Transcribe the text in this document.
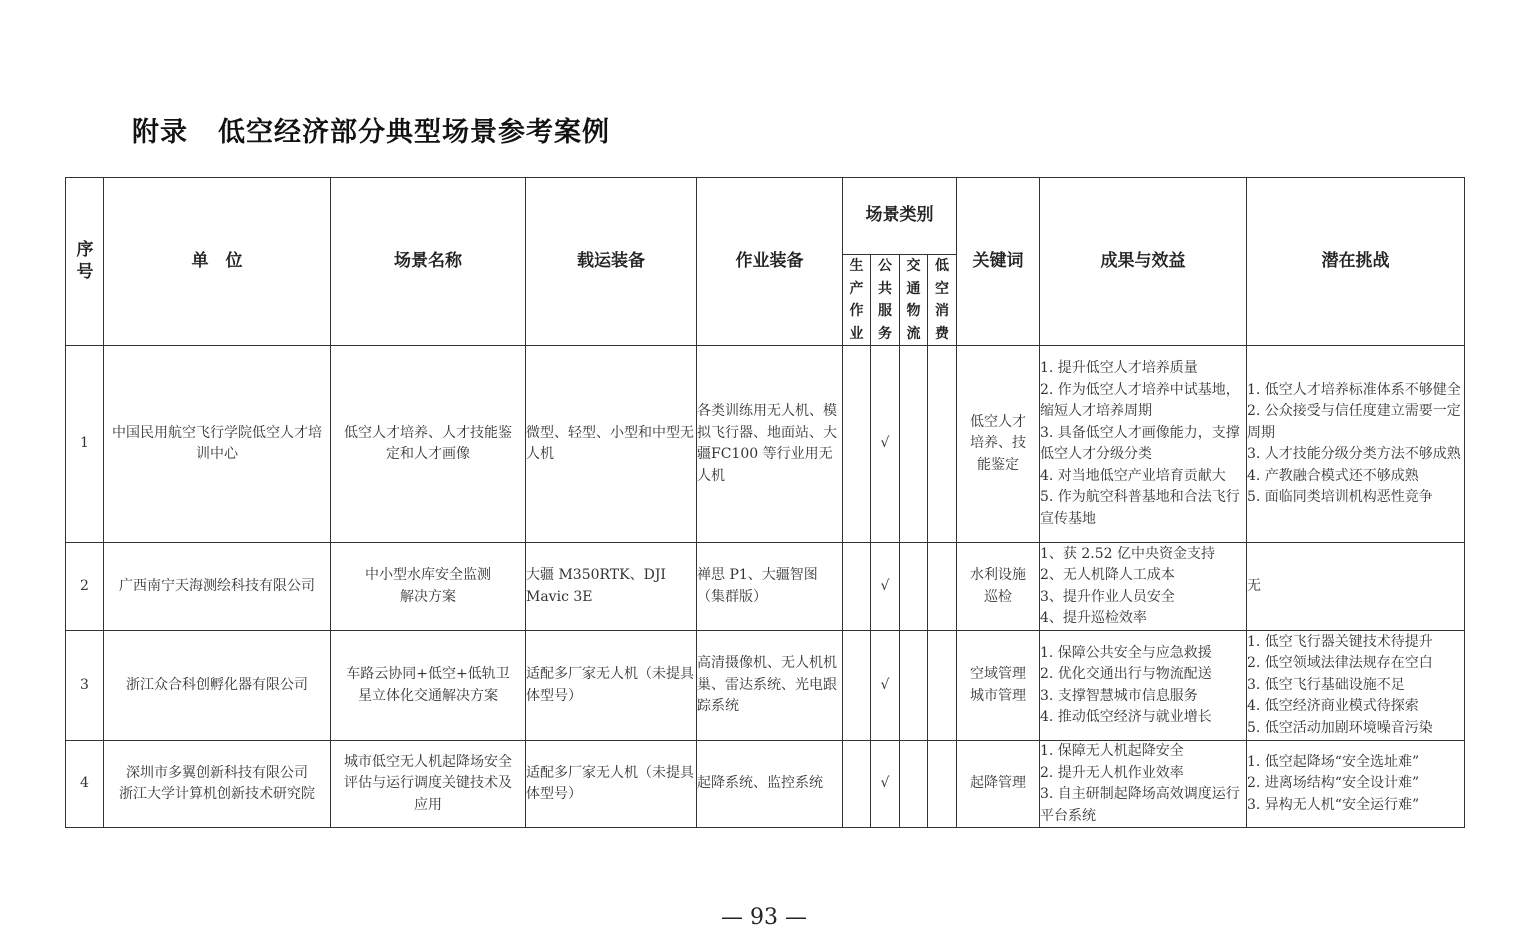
附录 低空经济部分典型场景参考案例
序号	单　位	场景名称	载运装备	作业装备	场景类别				关键词	成果与效益	潜在挑战
					生产作业	公共服务	交通物流	低空消费			
1	中国民用航空飞行学院低空人才培训中心	低空人才培养、人才技能鉴定和人才画像	微型、轻型、小型和中型无人机	各类训练用无人机、模拟飞行器、地面站、大疆FC100 等行业用无人机		√			低空人才培养、技能鉴定	1. 提升低空人才培养质量
2. 作为低空人才培养中试基地，缩短人才培养周期
3. 具备低空人才画像能力，支撑低空人才分级分类
4. 对当地低空产业培育贡献大
5. 作为航空科普基地和合法飞行宣传基地	1. 低空人才培养标准体系不够健全
2. 公众接受与信任度建立需要一定周期
3. 人才技能分级分类方法不够成熟
4. 产教融合模式还不够成熟
5. 面临同类培训机构恶性竞争

2	广西南宁天海测绘科技有限公司	中小型水库安全监测解决方案	大疆 M350RTK、DJI Mavic 3E	禅思 P1、大疆智图（集群版）		√			水利设施巡检	1、获 2.52 亿中央资金支持
2、无人机降人工成本
3、提升作业人员安全
4、提升巡检效率	无

3	浙江众合科创孵化器有限公司	车路云协同+低空+低轨卫星立体化交通解决方案	适配多厂家无人机（未提具体型号）	高清摄像机、无人机机巢、雷达系统、光电跟踪系统		√			空域管理城市管理	1. 保障公共安全与应急救援
2. 优化交通出行与物流配送
3. 支撑智慧城市信息服务
4. 推动低空经济与就业增长	1. 低空飞行器关键技术待提升
2. 低空领域法律法规存在空白
3. 低空飞行基础设施不足
4. 低空经济商业模式待探索
5. 低空活动加剧环境噪音污染

4	深圳市多翼创新科技有限公司
浙江大学计算机创新技术研究院	城市低空无人机起降场安全评估与运行调度关键技术及应用	适配多厂家无人机（未提具体型号）	起降系统、监控系统		√			起降管理	1. 保障无人机起降安全
2. 提升无人机作业效率
3. 自主研制起降场高效调度运行平台系统	1. 低空起降场“安全选址难”
2. 进离场结构“安全设计难”
3. 异构无人机“安全运行难”
— 93 —
